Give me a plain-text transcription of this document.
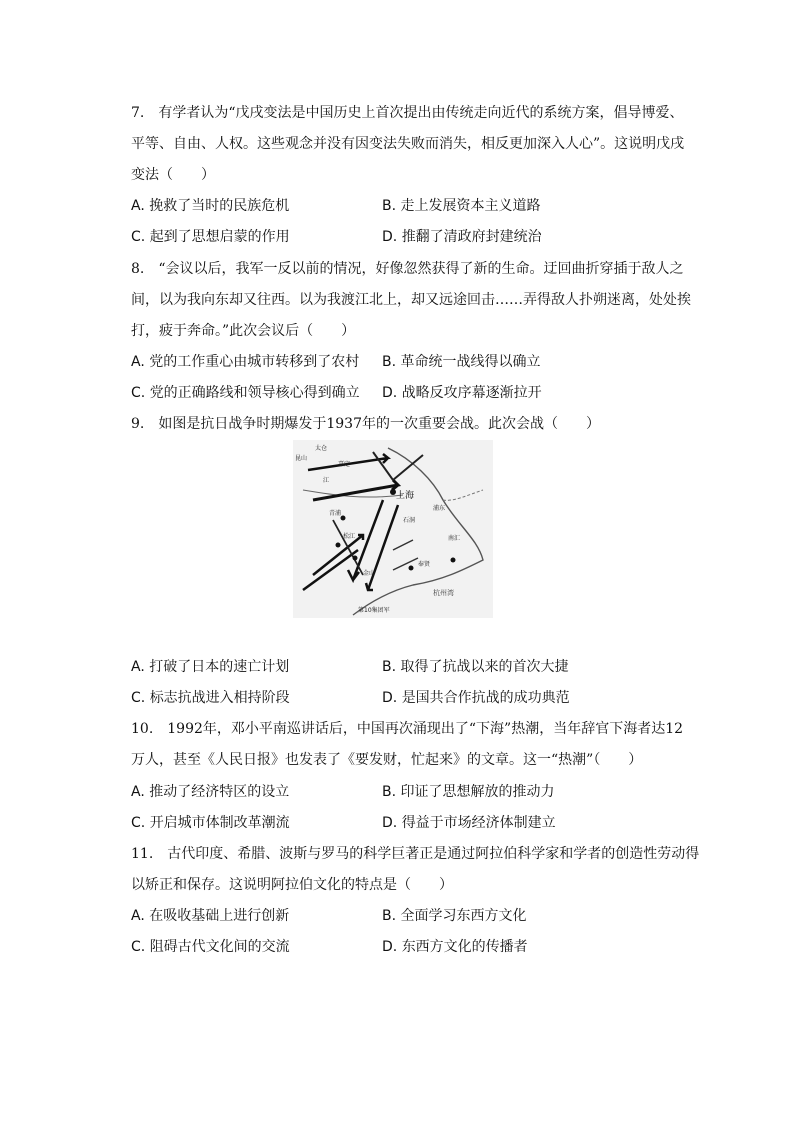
7.　有学者认为“戊戌变法是中国历史上首次提出由传统走向近代的系统方案，倡导博爱、
平等、自由、人权。这些观念并没有因变法失败而消失，相反更加深入人心”。这说明戊戌
变法（　　）
A. 挽救了当时的民族危机	B. 走上发展资本主义道路
C. 起到了思想启蒙的作用	D. 推翻了清政府封建统治
8.　“会议以后，我军一反以前的情况，好像忽然获得了新的生命。迂回曲折穿插于敌人之
间，以为我向东却又往西。以为我渡江北上，却又远途回击……弄得敌人扑朔迷离，处处挨
打，疲于奔命。”此次会议后（　　）
A. 党的工作重心由城市转移到了农村 B. 革命统一战线得以确立
C. 党的正确路线和领导核心得到确立 D. 战略反攻序幕逐渐拉开
9.　如图是抗日战争时期爆发于1937年的一次重要会战。此次会战（　　）
上海
昆山
太仓
嘉定
江
石洞
青浦
松江
金山
奉贤
南汇
浦东
第10集团军
杭州湾
A. 打破了日本的速亡计划	B. 取得了抗战以来的首次大捷
C. 标志抗战进入相持阶段	D. 是国共合作抗战的成功典范
10.　1992年，邓小平南巡讲话后，中国再次涌现出了“下海”热潮，当年辞官下海者达12
万人，甚至《人民日报》也发表了《要发财，忙起来》的文章。这一“热潮”（　　）
A. 推动了经济特区的设立	B. 印证了思想解放的推动力
C. 开启城市体制改革潮流	D. 得益于市场经济体制建立
11.　古代印度、希腊、波斯与罗马的科学巨著正是通过阿拉伯科学家和学者的创造性劳动得
以矫正和保存。这说明阿拉伯文化的特点是（　　）
A. 在吸收基础上进行创新	B. 全面学习东西方文化
C. 阻碍古代文化间的交流	D. 东西方文化的传播者
